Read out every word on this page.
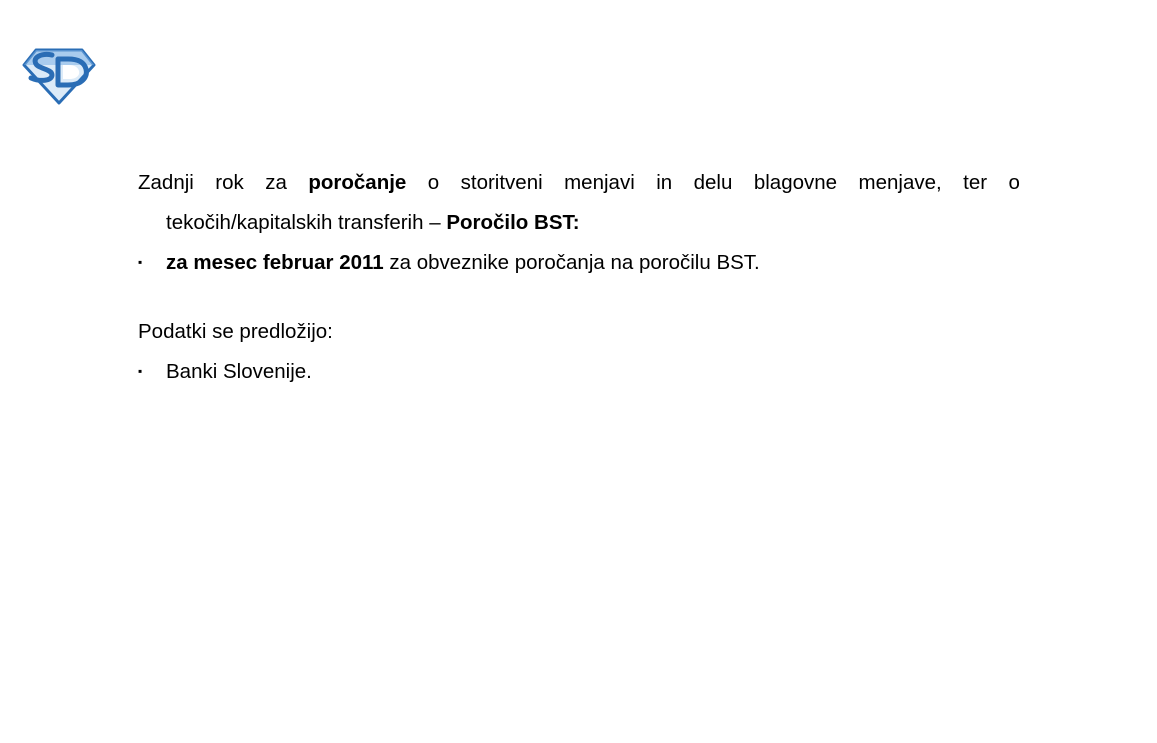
Zadnji rok za poročanje o storitveni menjavi in delu blagovne menjave, ter o
tekočih/kapitalskih transferih – Poročilo BST:
▪	za mesec februar 2011 za obveznike poročanja na poročilu BST.
Podatki se predložijo:
▪	Banki Slovenije.
